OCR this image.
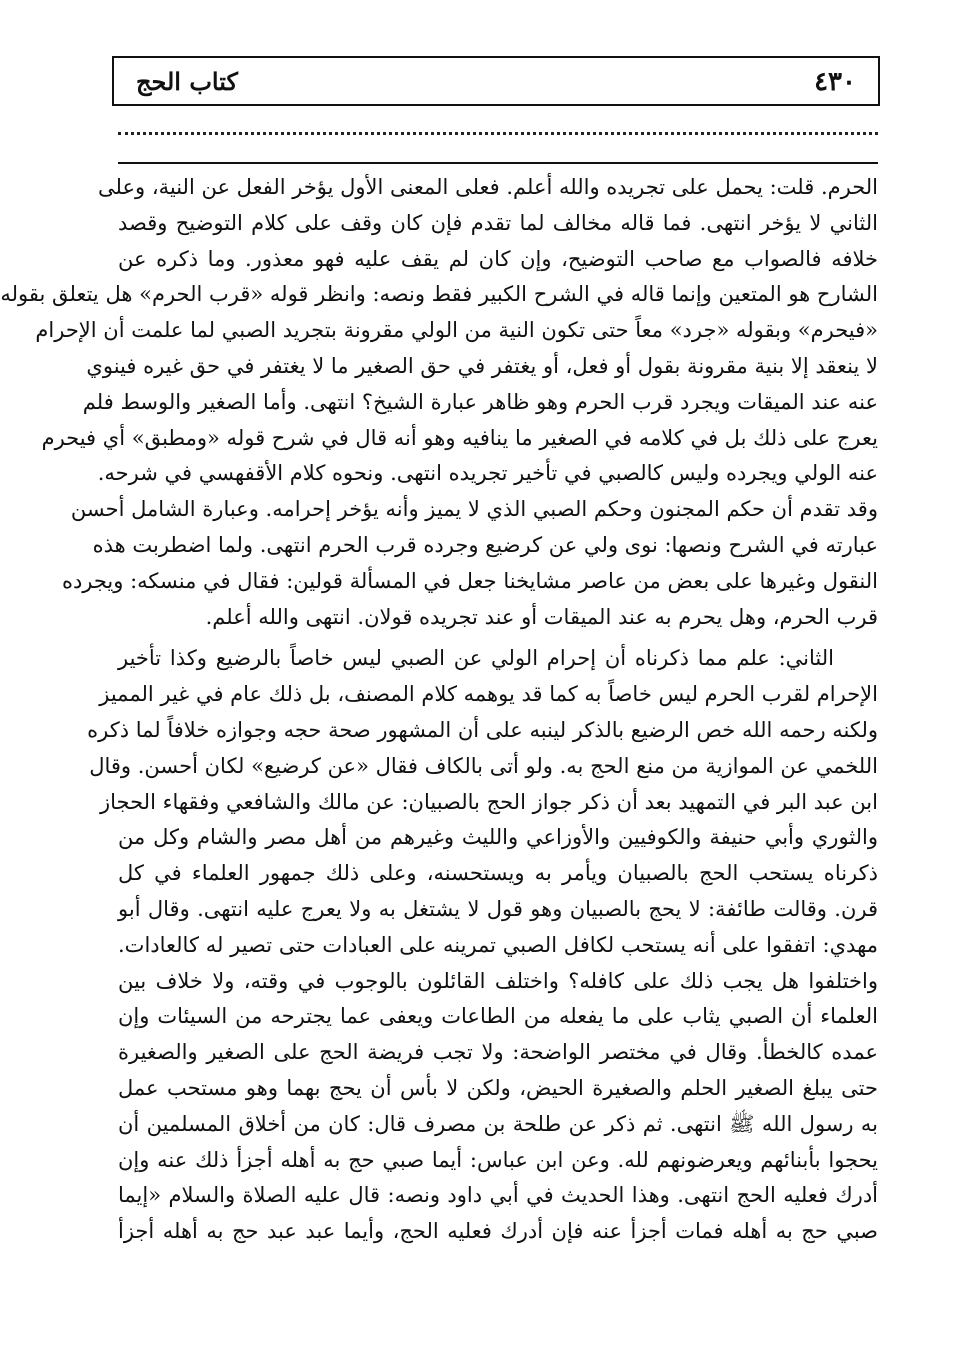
٤٣٠
كتاب الحج
الحرم. قلت: يحمل على تجريده والله أعلم. فعلى المعنى الأول يؤخر الفعل عن النية، وعلى
الثاني لا يؤخر انتهى. فما قاله مخالف لما تقدم فإن كان وقف على كلام التوضيح وقصد
خلافه فالصواب مع صاحب التوضيح، وإن كان لم يقف عليه فهو معذور. وما ذكره عن
الشارح هو المتعين وإنما قاله في الشرح الكبير فقط ونصه: وانظر قوله «قرب الحرم» هل يتعلق بقوله
«فيحرم» وبقوله «جرد» معاً حتى تكون النية من الولي مقرونة بتجريد الصبي لما علمت أن الإحرام
لا ينعقد إلا بنية مقرونة بقول أو فعل، أو يغتفر في حق الصغير ما لا يغتفر في حق غيره فينوي
عنه عند الميقات ويجرد قرب الحرم وهو ظاهر عبارة الشيخ؟ انتهى. وأما الصغير والوسط فلم
يعرج على ذلك بل في كلامه في الصغير ما ينافيه وهو أنه قال في شرح قوله «ومطبق» أي فيحرم
عنه الولي ويجرده وليس كالصبي في تأخير تجريده انتهى. ونحوه كلام الأقفهسي في شرحه.
وقد تقدم أن حكم المجنون وحكم الصبي الذي لا يميز وأنه يؤخر إحرامه. وعبارة الشامل أحسن
عبارته في الشرح ونصها: نوى ولي عن كرضيع وجرده قرب الحرم انتهى. ولما اضطربت هذه
النقول وغيرها على بعض من عاصر مشايخنا جعل في المسألة قولين: فقال في منسكه: ويجرده
قرب الحرم، وهل يحرم به عند الميقات أو عند تجريده قولان. انتهى والله أعلم.
الثاني: علم مما ذكرناه أن إحرام الولي عن الصبي ليس خاصاً بالرضيع وكذا تأخير
الإحرام لقرب الحرم ليس خاصاً به كما قد يوهمه كلام المصنف، بل ذلك عام في غير المميز
ولكنه رحمه الله خص الرضيع بالذكر لينبه على أن المشهور صحة حجه وجوازه خلافاً لما ذكره
اللخمي عن الموازية من منع الحج به. ولو أتى بالكاف فقال «عن كرضيع» لكان أحسن. وقال
ابن عبد البر في التمهيد بعد أن ذكر جواز الحج بالصبيان: عن مالك والشافعي وفقهاء الحجاز
والثوري وأبي حنيفة والكوفيين والأوزاعي والليث وغيرهم من أهل مصر والشام وكل من
ذكرناه يستحب الحج بالصبيان ويأمر به ويستحسنه، وعلى ذلك جمهور العلماء في كل
قرن. وقالت طائفة: لا يحج بالصبيان وهو قول لا يشتغل به ولا يعرج عليه انتهى. وقال أبو
مهدي: اتفقوا على أنه يستحب لكافل الصبي تمرينه على العبادات حتى تصير له كالعادات.
واختلفوا هل يجب ذلك على كافله؟ واختلف القائلون بالوجوب في وقته، ولا خلاف بين
العلماء أن الصبي يثاب على ما يفعله من الطاعات ويعفى عما يجترحه من السيئات وإن
عمده كالخطأ. وقال في مختصر الواضحة: ولا تجب فريضة الحج على الصغير والصغيرة
حتى يبلغ الصغير الحلم والصغيرة الحيض، ولكن لا بأس أن يحج بهما وهو مستحب عمل
به رسول الله ﷺ انتهى. ثم ذكر عن طلحة بن مصرف قال: كان من أخلاق المسلمين أن
يحجوا بأبنائهم ويعرضونهم لله. وعن ابن عباس: أيما صبي حج به أهله أجزأ ذلك عنه وإن
أدرك فعليه الحج انتهى. وهذا الحديث في أبي داود ونصه: قال عليه الصلاة والسلام «إيما
صبي حج به أهله فمات أجزأ عنه فإن أدرك فعليه الحج، وأيما عبد عبد حج به أهله أجزأ
